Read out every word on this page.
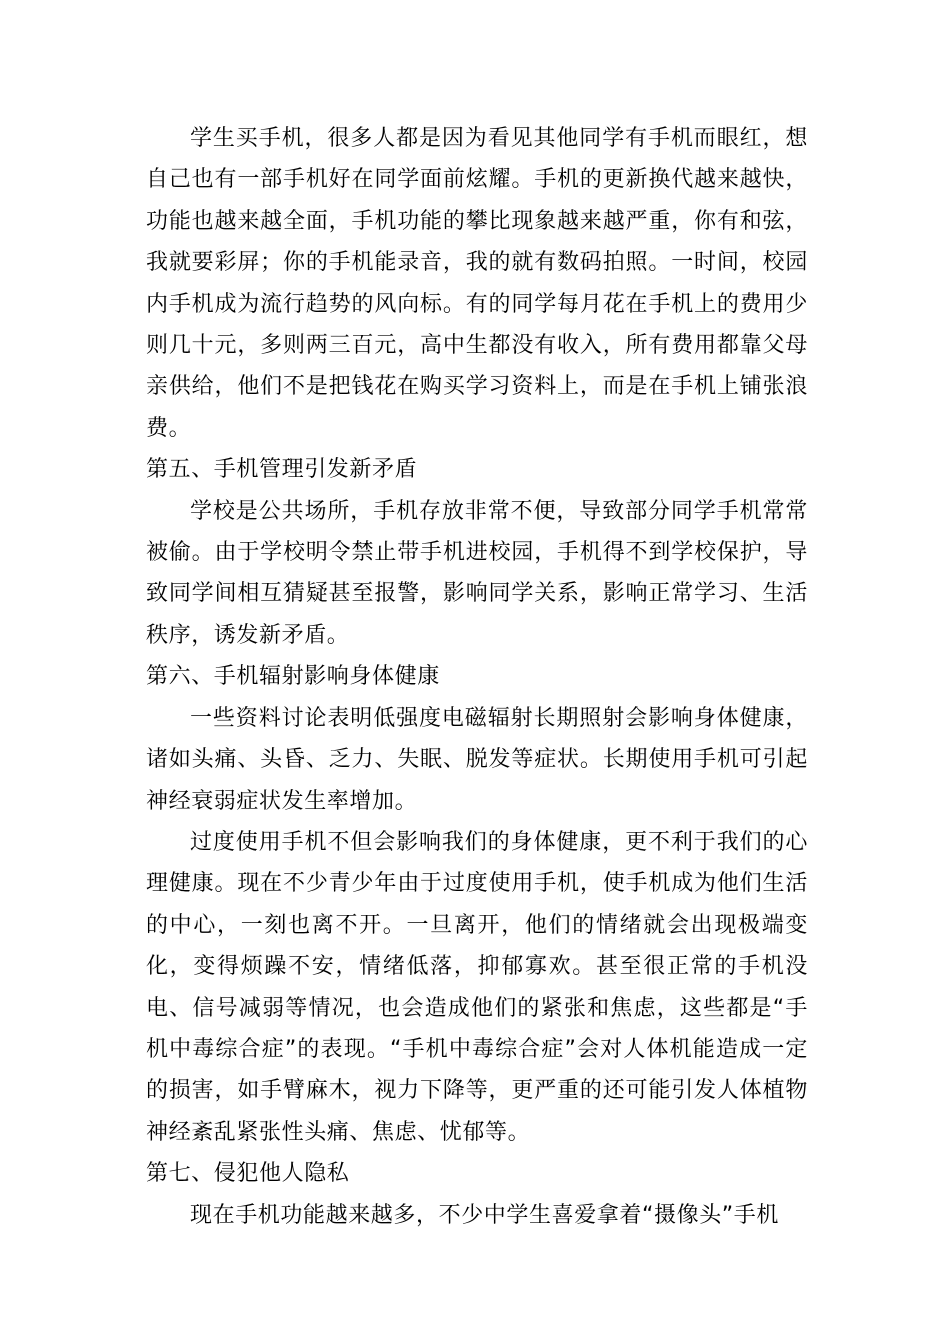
学生买手机，很多人都是因为看见其他同学有手机而眼红，想自己也有一部手机好在同学面前炫耀。手机的更新换代越来越快，功能也越来越全面，手机功能的攀比现象越来越严重，你有和弦，我就要彩屏；你的手机能录音，我的就有数码拍照。一时间，校园内手机成为流行趋势的风向标。有的同学每月花在手机上的费用少则几十元，多则两三百元，高中生都没有收入，所有费用都靠父母亲供给，他们不是把钱花在购买学习资料上，而是在手机上铺张浪费。

第五、手机管理引发新矛盾

学校是公共场所，手机存放非常不便，导致部分同学手机常常被偷。由于学校明令禁止带手机进校园，手机得不到学校保护，导致同学间相互猜疑甚至报警，影响同学关系，影响正常学习、生活秩序，诱发新矛盾。

第六、手机辐射影响身体健康

一些资料讨论表明低强度电磁辐射长期照射会影响身体健康，诸如头痛、头昏、乏力、失眠、脱发等症状。长期使用手机可引起神经衰弱症状发生率增加。

过度使用手机不但会影响我们的身体健康，更不利于我们的心理健康。现在不少青少年由于过度使用手机，使手机成为他们生活的中心，一刻也离不开。一旦离开，他们的情绪就会出现极端变化，变得烦躁不安，情绪低落，抑郁寡欢。甚至很正常的手机没电、信号减弱等情况，也会造成他们的紧张和焦虑，这些都是“手机中毒综合症”的表现。“手机中毒综合症”会对人体机能造成一定的损害，如手臂麻木，视力下降等，更严重的还可能引发人体植物神经紊乱紧张性头痛、焦虑、忧郁等。

第七、侵犯他人隐私

现在手机功能越来越多，不少中学生喜爱拿着“摄像头”手机
